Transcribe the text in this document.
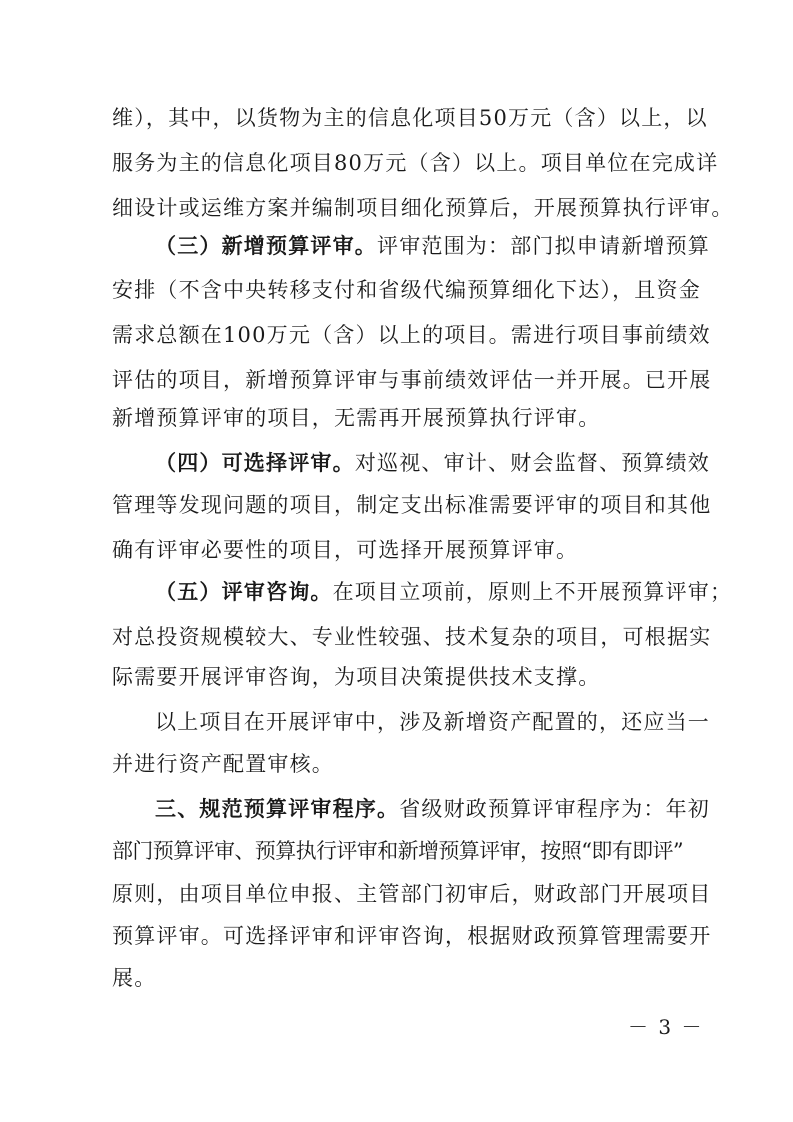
维），其中，以货物为主的信息化项目50万元（含）以上，以
服务为主的信息化项目80万元（含）以上。项目单位在完成详
细设计或运维方案并编制项目细化预算后，开展预算执行评审。
（三）新增预算评审。评审范围为：部门拟申请新增预算
安排（不含中央转移支付和省级代编预算细化下达），且资金
需求总额在100万元（含）以上的项目。需进行项目事前绩效
评估的项目，新增预算评审与事前绩效评估一并开展。已开展
新增预算评审的项目，无需再开展预算执行评审。
（四）可选择评审。对巡视、审计、财会监督、预算绩效
管理等发现问题的项目，制定支出标准需要评审的项目和其他
确有评审必要性的项目，可选择开展预算评审。
（五）评审咨询。在项目立项前，原则上不开展预算评审；
对总投资规模较大、专业性较强、技术复杂的项目，可根据实
际需要开展评审咨询，为项目决策提供技术支撑。
以上项目在开展评审中，涉及新增资产配置的，还应当一
并进行资产配置审核。
三、规范预算评审程序。省级财政预算评审程序为：年初
部门预算评审、预算执行评审和新增预算评审，按照“即有即评”
原则，由项目单位申报、主管部门初审后，财政部门开展项目
预算评审。可选择评审和评审咨询，根据财政预算管理需要开
展。
－ 3 －
